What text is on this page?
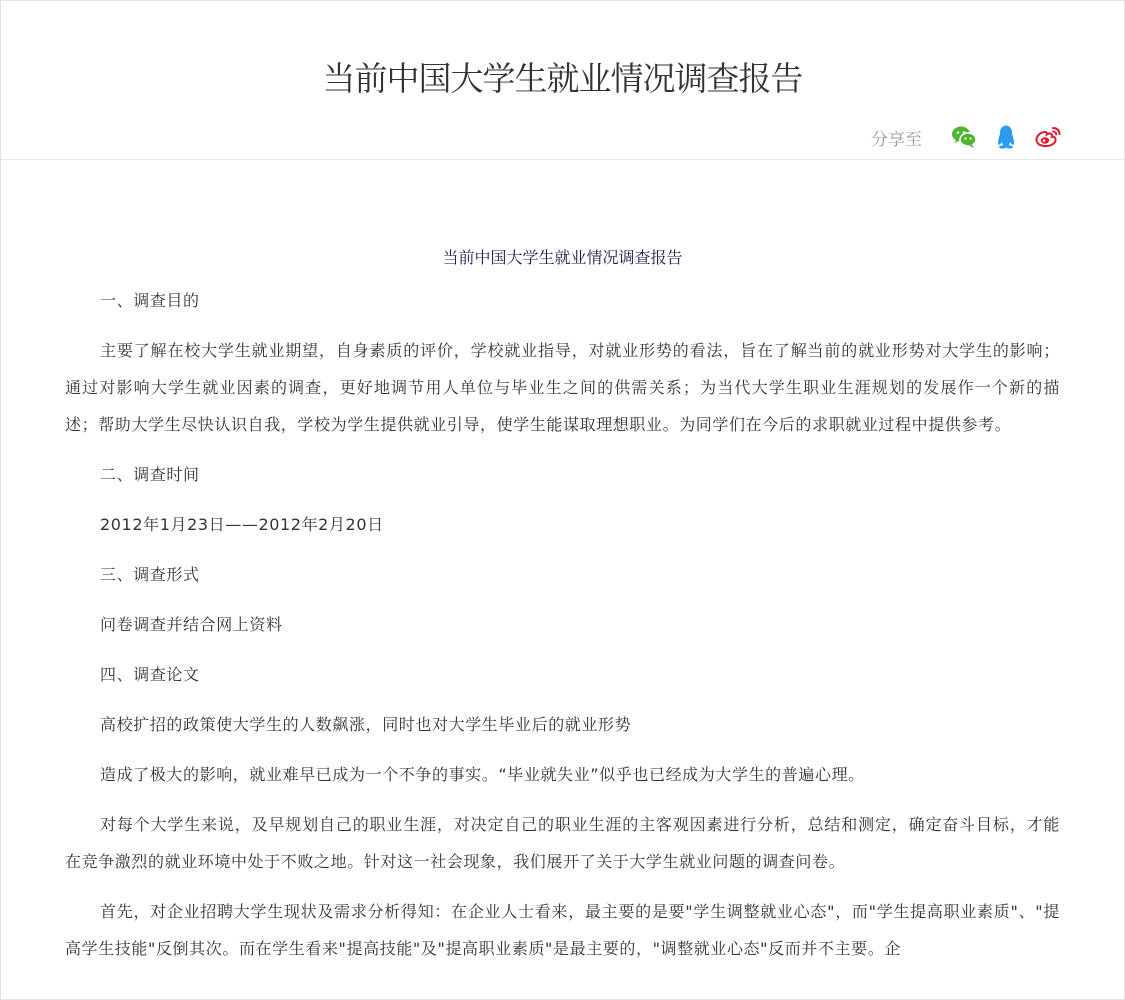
当前中国大学生就业情况调查报告
分享至
当前中国大学生就业情况调查报告

一、调查目的

主要了解在校大学生就业期望，自身素质的评价，学校就业指导，对就业形势的看法，旨在了解当前的就业形势对大学生的影响；通过对影响大学生就业因素的调查，更好地调节用人单位与毕业生之间的供需关系；为当代大学生职业生涯规划的发展作一个新的描述；帮助大学生尽快认识自我，学校为学生提供就业引导，使学生能谋取理想职业。为同学们在今后的求职就业过程中提供参考。

二、调查时间

2012年1月23日——2012年2月20日

三、调查形式

问卷调查并结合网上资料

四、调查论文

高校扩招的政策使大学生的人数飙涨，同时也对大学生毕业后的就业形势

造成了极大的影响，就业难早已成为一个不争的事实。“毕业就失业”似乎也已经成为大学生的普遍心理。

对每个大学生来说，及早规划自己的职业生涯，对决定自己的职业生涯的主客观因素进行分析，总结和测定，确定奋斗目标，才能在竞争激烈的就业环境中处于不败之地。针对这一社会现象，我们展开了关于大学生就业问题的调查问卷。

首先，对企业招聘大学生现状及需求分析得知：在企业人士看来，最主要的是要"学生调整就业心态"，而"学生提高职业素质"、"提高学生技能"反倒其次。而在学生看来"提高技能"及"提高职业素质"是最主要的，"调整就业心态"反而并不主要。企
